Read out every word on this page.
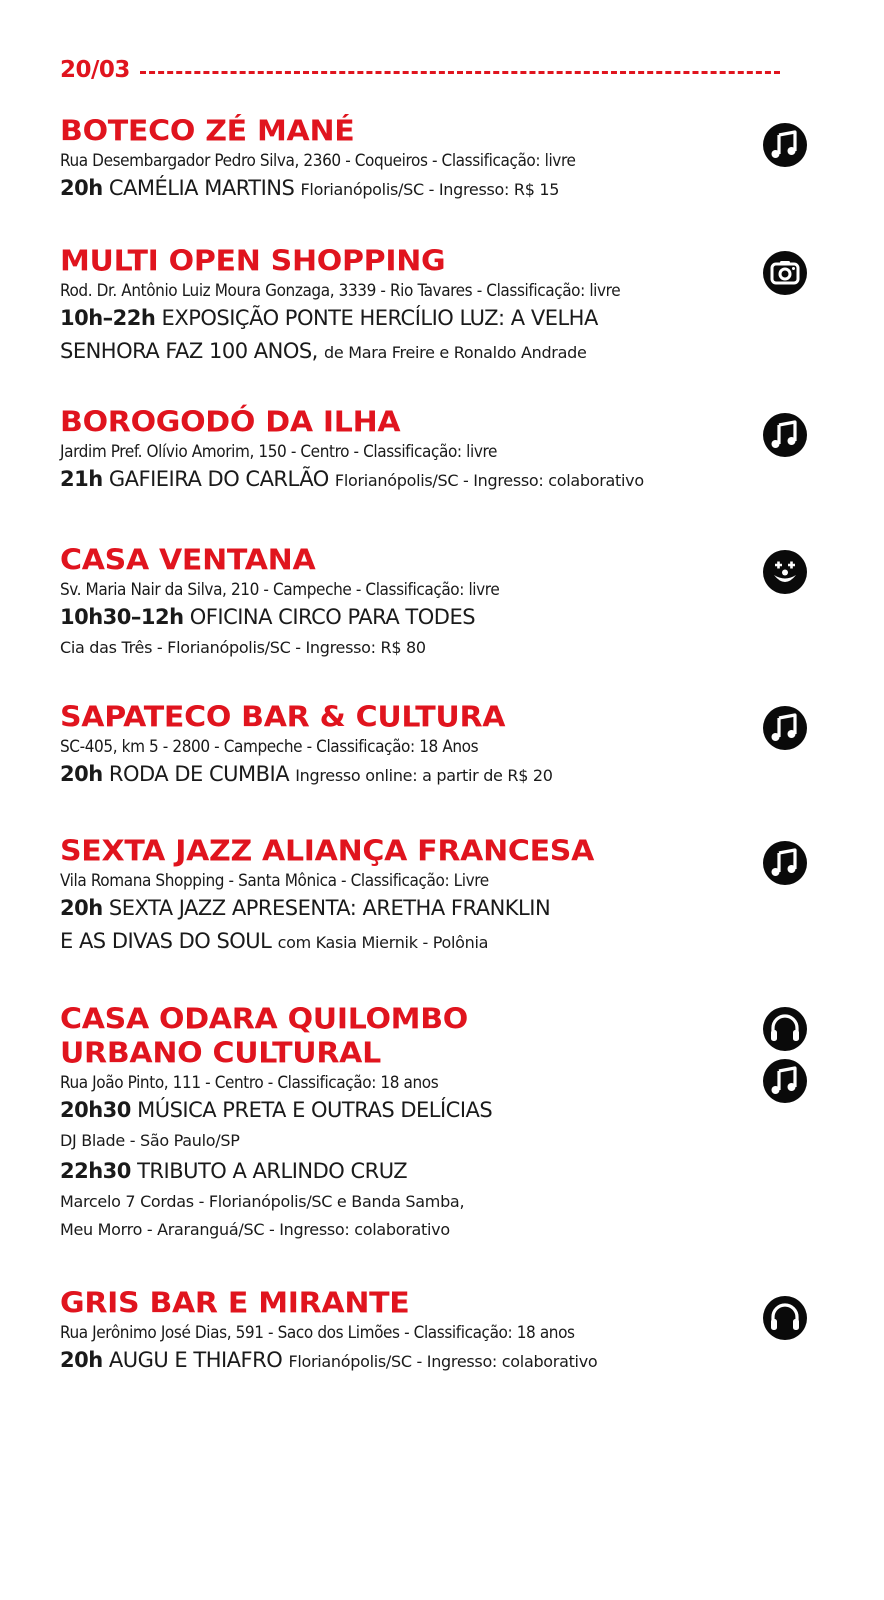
20/03
BOTECO ZÉ MANÉ
Rua Desembargador Pedro Silva, 2360 - Coqueiros - Classificação: livre
20h CAMÉLIA MARTINS Florianópolis/SC - Ingresso: R$ 15
MULTI OPEN SHOPPING
Rod. Dr. Antônio Luiz Moura Gonzaga, 3339 - Rio Tavares - Classificação: livre
10h–22h EXPOSIÇÃO PONTE HERCÍLIO LUZ: A VELHA
SENHORA FAZ 100 ANOS, de Mara Freire e Ronaldo Andrade
BOROGODÓ DA ILHA
Jardim Pref. Olívio Amorim, 150 - Centro - Classificação: livre
21h GAFIEIRA DO CARLÃO Florianópolis/SC - Ingresso: colaborativo
CASA VENTANA
Sv. Maria Nair da Silva, 210 - Campeche - Classificação: livre
10h30–12h OFICINA CIRCO PARA TODES
Cia das Três - Florianópolis/SC - Ingresso: R$ 80
SAPATECO BAR & CULTURA
SC-405, km 5 - 2800 - Campeche - Classificação: 18 Anos
20h RODA DE CUMBIA Ingresso online: a partir de R$ 20
SEXTA JAZZ ALIANÇA FRANCESA
Vila Romana Shopping - Santa Mônica - Classificação: Livre
20h SEXTA JAZZ APRESENTA: ARETHA FRANKLIN
E AS DIVAS DO SOUL com Kasia Miernik - Polônia
CASA ODARA QUILOMBO
URBANO CULTURAL
Rua João Pinto, 111 - Centro - Classificação: 18 anos
20h30 MÚSICA PRETA E OUTRAS DELÍCIAS
DJ Blade - São Paulo/SP
22h30 TRIBUTO A ARLINDO CRUZ
Marcelo 7 Cordas - Florianópolis/SC e Banda Samba,
Meu Morro - Araranguá/SC - Ingresso: colaborativo
GRIS BAR E MIRANTE
Rua Jerônimo José Dias, 591 - Saco dos Limões - Classificação: 18 anos
20h AUGU E THIAFRO Florianópolis/SC - Ingresso: colaborativo
